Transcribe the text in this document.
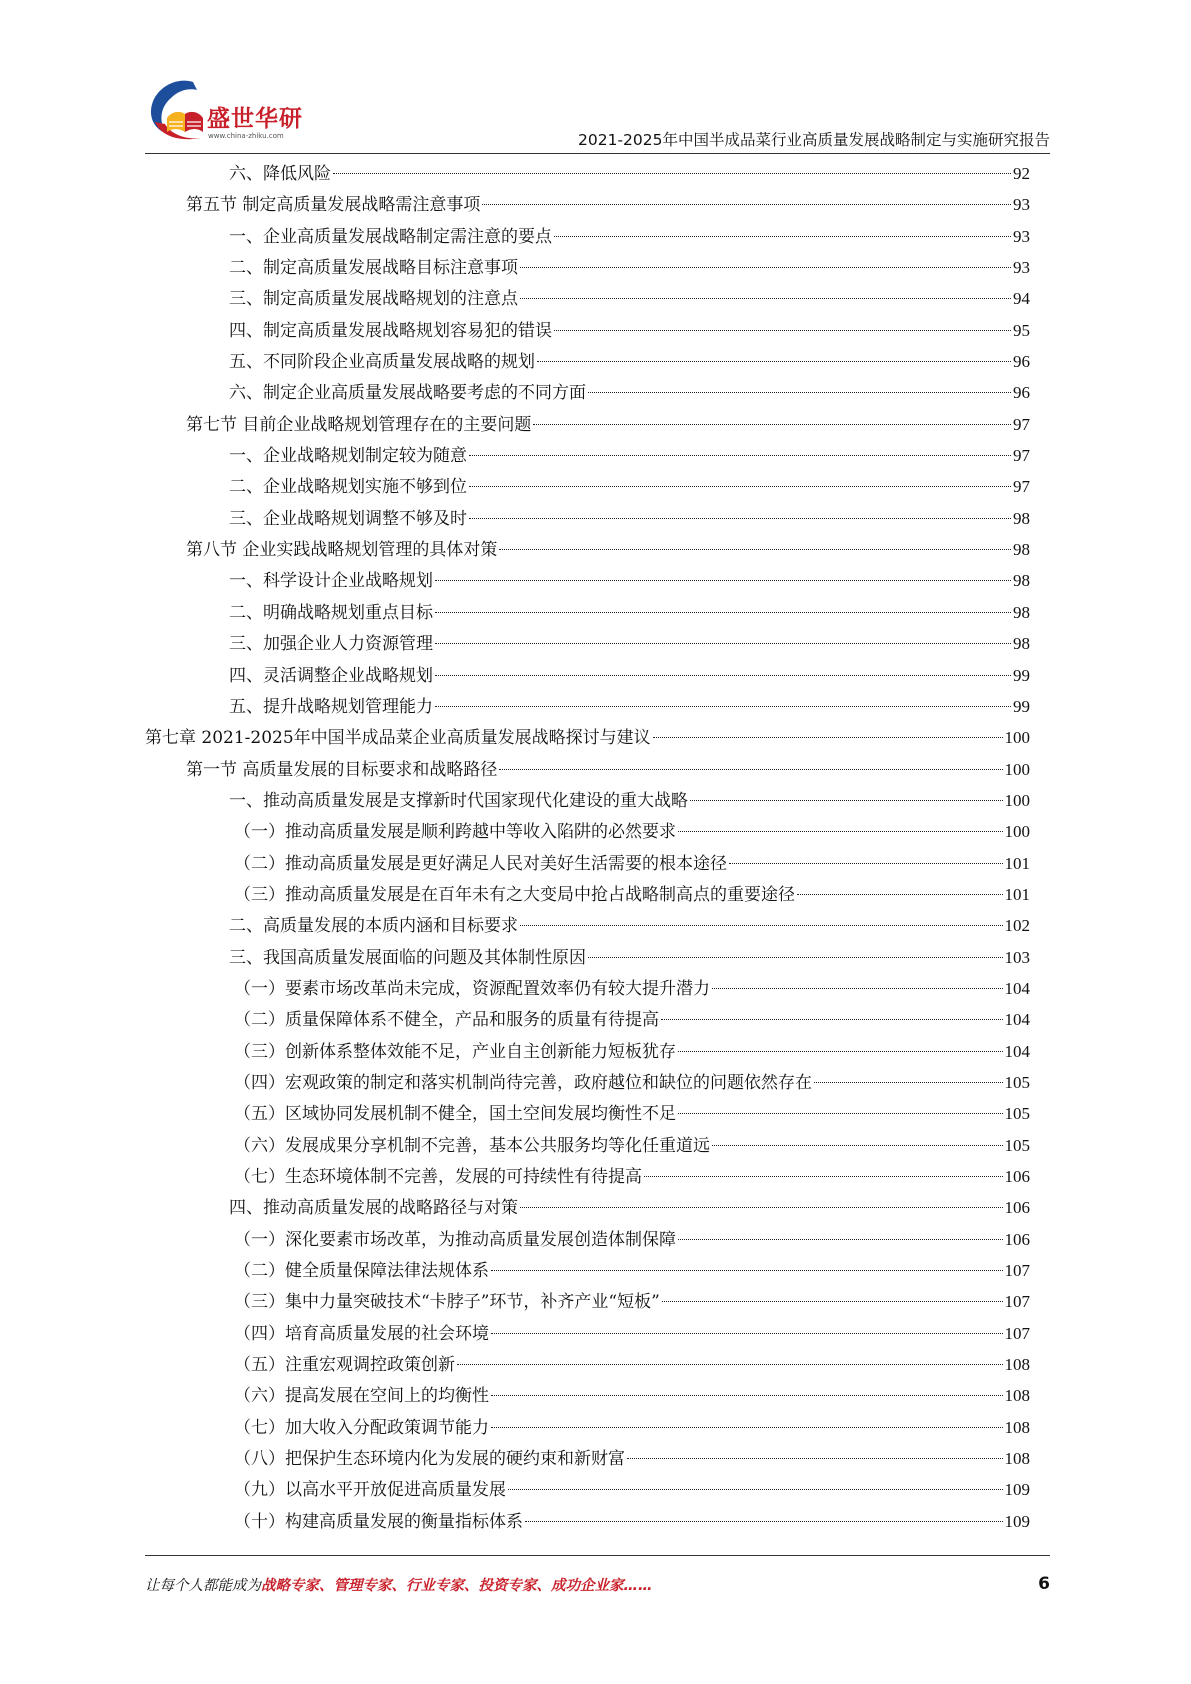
盛世华研
www.china-zhiku.com	2021-2025年中国半成品菜行业高质量发展战略制定与实施研究报告
六、降低风险	92
第五节 制定高质量发展战略需注意事项	93
一、企业高质量发展战略制定需注意的要点	93
二、制定高质量发展战略目标注意事项	93
三、制定高质量发展战略规划的注意点	94
四、制定高质量发展战略规划容易犯的错误	95
五、不同阶段企业高质量发展战略的规划	96
六、制定企业高质量发展战略要考虑的不同方面	96
第七节 目前企业战略规划管理存在的主要问题	97
一、企业战略规划制定较为随意	97
二、企业战略规划实施不够到位	97
三、企业战略规划调整不够及时	98
第八节 企业实践战略规划管理的具体对策	98
一、科学设计企业战略规划	98
二、明确战略规划重点目标	98
三、加强企业人力资源管理	98
四、灵活调整企业战略规划	99
五、提升战略规划管理能力	99
第七章 2021-2025年中国半成品菜企业高质量发展战略探讨与建议	100
第一节 高质量发展的目标要求和战略路径	100
一、推动高质量发展是支撑新时代国家现代化建设的重大战略	100
（一）推动高质量发展是顺利跨越中等收入陷阱的必然要求	100
（二）推动高质量发展是更好满足人民对美好生活需要的根本途径	101
（三）推动高质量发展是在百年未有之大变局中抢占战略制高点的重要途径	101
二、高质量发展的本质内涵和目标要求	102
三、我国高质量发展面临的问题及其体制性原因	103
（一）要素市场改革尚未完成，资源配置效率仍有较大提升潜力	104
（二）质量保障体系不健全，产品和服务的质量有待提高	104
（三）创新体系整体效能不足，产业自主创新能力短板犹存	104
（四）宏观政策的制定和落实机制尚待完善，政府越位和缺位的问题依然存在	105
（五）区域协同发展机制不健全，国土空间发展均衡性不足	105
（六）发展成果分享机制不完善，基本公共服务均等化任重道远	105
（七）生态环境体制不完善，发展的可持续性有待提高	106
四、推动高质量发展的战略路径与对策	106
（一）深化要素市场改革，为推动高质量发展创造体制保障	106
（二）健全质量保障法律法规体系	107
（三）集中力量突破技术“卡脖子”环节，补齐产业“短板”	107
（四）培育高质量发展的社会环境	107
（五）注重宏观调控政策创新	108
（六）提高发展在空间上的均衡性	108
（七）加大收入分配政策调节能力	108
（八）把保护生态环境内化为发展的硬约束和新财富	108
（九）以高水平开放促进高质量发展	109
（十）构建高质量发展的衡量指标体系	109
让每个人都能成为战略专家、管理专家、行业专家、投资专家、成功企业家……	6
